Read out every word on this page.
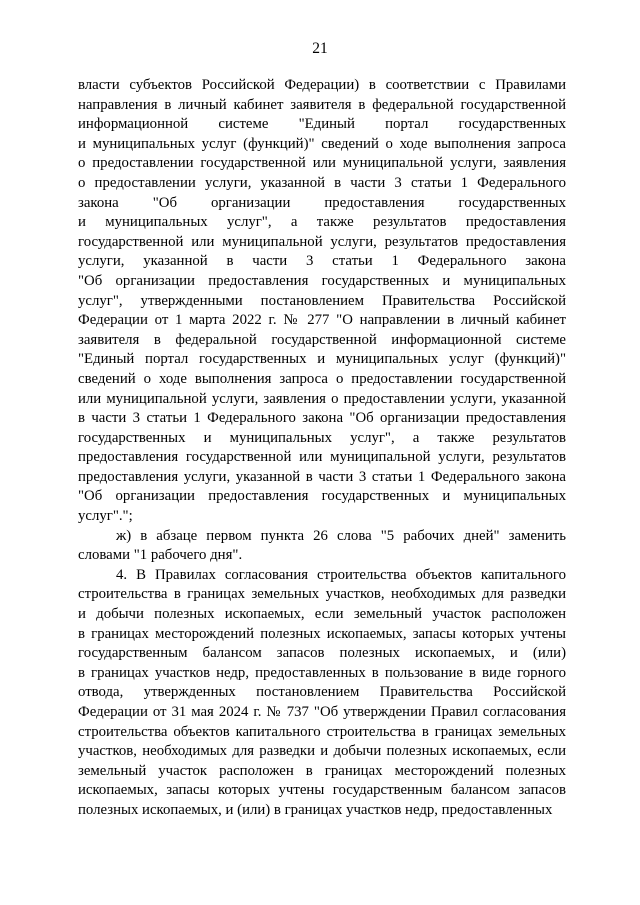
21

власти субъектов Российской Федерации) в соответствии с Правилами
направления в личный кабинет заявителя в федеральной государственной
информационной системе "Единый портал государственных
и муниципальных услуг (функций)" сведений о ходе выполнения запроса
о предоставлении государственной или муниципальной услуги, заявления
о предоставлении услуги, указанной в части 3 статьи 1 Федерального
закона "Об организации предоставления государственных
и муниципальных услуг", а также результатов предоставления
государственной или муниципальной услуги, результатов предоставления
услуги, указанной в части 3 статьи 1 Федерального закона
"Об организации предоставления государственных и муниципальных
услуг", утвержденными постановлением Правительства Российской
Федерации от 1 марта 2022 г. № 277 "О направлении в личный кабинет
заявителя в федеральной государственной информационной системе
"Единый портал государственных и муниципальных услуг (функций)"
сведений о ходе выполнения запроса о предоставлении государственной
или муниципальной услуги, заявления о предоставлении услуги, указанной
в части 3 статьи 1 Федерального закона "Об организации предоставления
государственных и муниципальных услуг", а также результатов
предоставления государственной или муниципальной услуги, результатов
предоставления услуги, указанной в части 3 статьи 1 Федерального закона
"Об организации предоставления государственных и муниципальных
услуг".";

ж) в абзаце первом пункта 26 слова "5 рабочих дней" заменить
словами "1 рабочего дня".

4. В Правилах согласования строительства объектов капитального
строительства в границах земельных участков, необходимых для разведки
и добычи полезных ископаемых, если земельный участок расположен
в границах месторождений полезных ископаемых, запасы которых учтены
государственным балансом запасов полезных ископаемых, и (или)
в границах участков недр, предоставленных в пользование в виде горного
отвода, утвержденных постановлением Правительства Российской
Федерации от 31 мая 2024 г. № 737 "Об утверждении Правил согласования
строительства объектов капитального строительства в границах земельных
участков, необходимых для разведки и добычи полезных ископаемых, если
земельный участок расположен в границах месторождений полезных
ископаемых, запасы которых учтены государственным балансом запасов
полезных ископаемых, и (или) в границах участков недр, предоставленных
